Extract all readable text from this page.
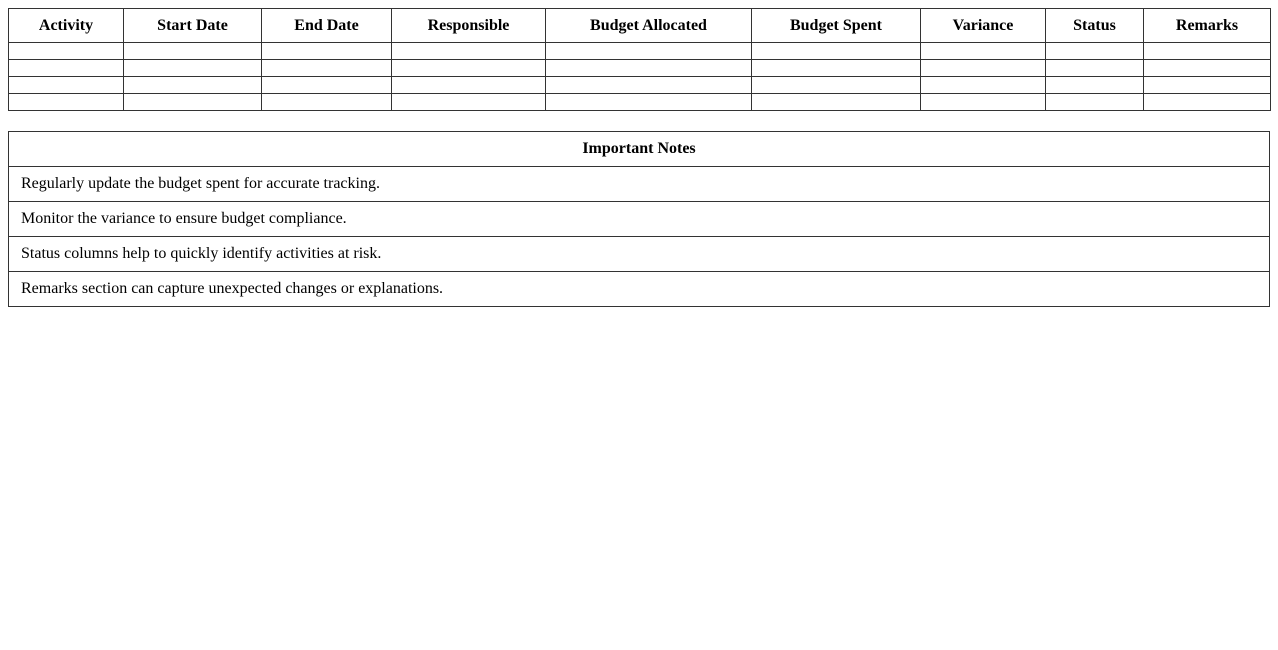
Activity	Start Date	End Date	Responsible	Budget Allocated	Budget Spent	Variance	Status	Remarks

Important Notes
Regularly update the budget spent for accurate tracking.
Monitor the variance to ensure budget compliance.
Status columns help to quickly identify activities at risk.
Remarks section can capture unexpected changes or explanations.
